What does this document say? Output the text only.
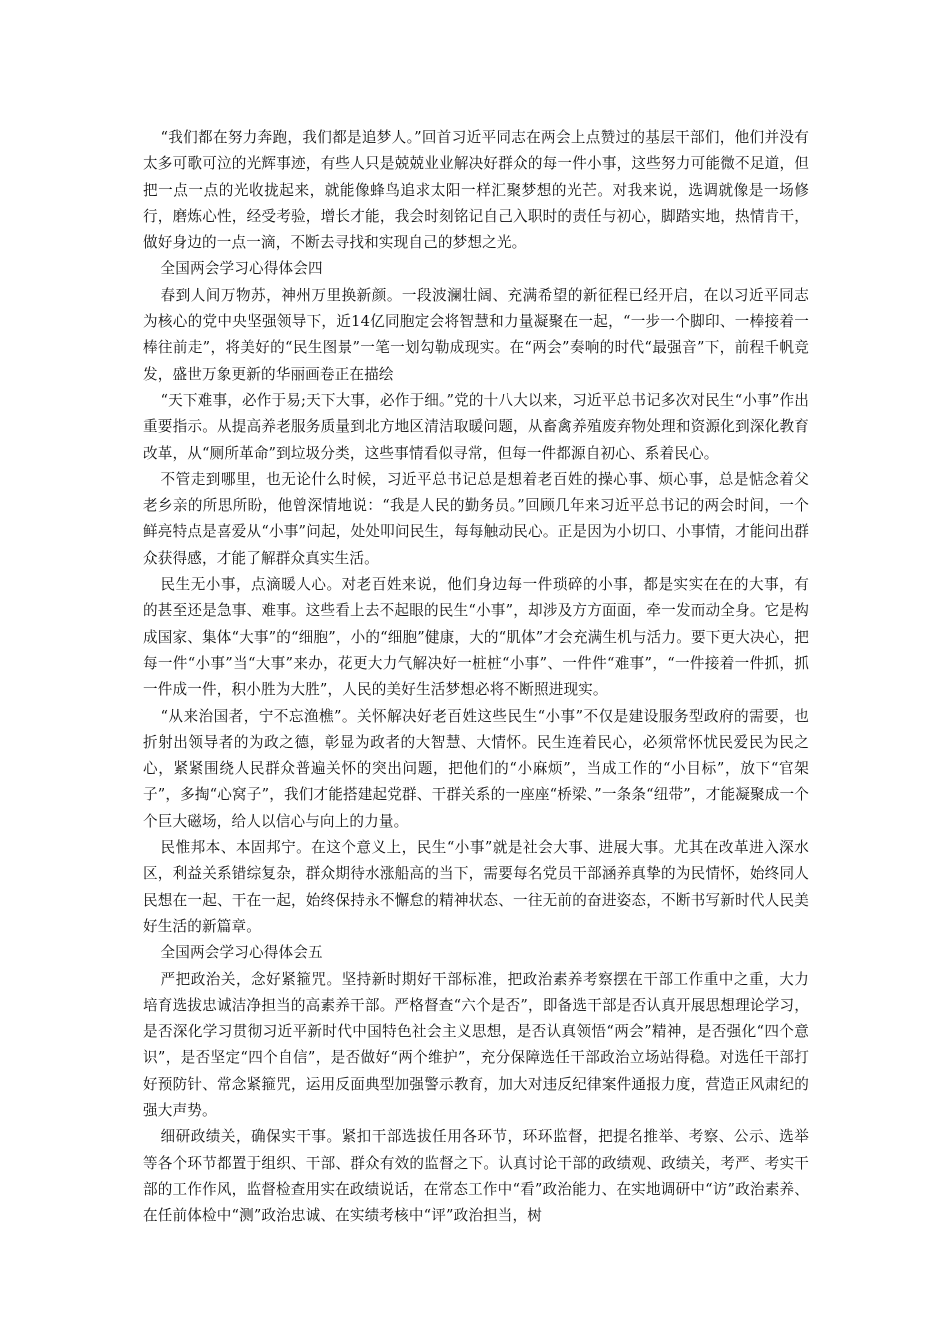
“我们都在努力奔跑，我们都是追梦人。”回首习近平同志在两会上点赞过的基层干部们，他们并没有太多可歌可泣的光辉事迹，有些人只是兢兢业业解决好群众的每一件小事，这些努力可能微不足道，但把一点一点的光收拢起来，就能像蜂鸟追求太阳一样汇聚梦想的光芒。对我来说，选调就像是一场修行，磨炼心性，经受考验，增长才能，我会时刻铭记自己入职时的责任与初心，脚踏实地，热情肯干，做好身边的一点一滴，不断去寻找和实现自己的梦想之光。

全国两会学习心得体会四

春到人间万物苏，神州万里换新颜。一段波澜壮阔、充满希望的新征程已经开启，在以习近平同志为核心的党中央坚强领导下，近14亿同胞定会将智慧和力量凝聚在一起，“一步一个脚印、一棒接着一棒往前走”，将美好的“民生图景”一笔一划勾勒成现实。在“两会”奏响的时代“最强音”下，前程千帆竞发，盛世万象更新的华丽画卷正在描绘

“天下难事，必作于易;天下大事，必作于细。”党的十八大以来，习近平总书记多次对民生“小事”作出重要指示。从提高养老服务质量到北方地区清洁取暖问题，从畜禽养殖废弃物处理和资源化到深化教育改革，从“厕所革命”到垃圾分类，这些事情看似寻常，但每一件都源自初心、系着民心。

不管走到哪里，也无论什么时候，习近平总书记总是想着老百姓的操心事、烦心事，总是惦念着父老乡亲的所思所盼，他曾深情地说：“我是人民的勤务员。”回顾几年来习近平总书记的两会时间，一个鲜亮特点是喜爱从“小事”问起，处处叩问民生，每每触动民心。正是因为小切口、小事情，才能问出群众获得感，才能了解群众真实生活。

民生无小事，点滴暖人心。对老百姓来说，他们身边每一件琐碎的小事，都是实实在在的大事，有的甚至还是急事、难事。这些看上去不起眼的民生“小事”，却涉及方方面面，牵一发而动全身。它是构成国家、集体“大事”的“细胞”，小的“细胞”健康，大的“肌体”才会充满生机与活力。要下更大决心，把每一件“小事”当“大事”来办，花更大力气解决好一桩桩“小事”、一件件“难事”，“一件接着一件抓，抓一件成一件，积小胜为大胜”，人民的美好生活梦想必将不断照进现实。

“从来治国者，宁不忘渔樵”。关怀解决好老百姓这些民生“小事”不仅是建设服务型政府的需要，也折射出领导者的为政之德，彰显为政者的大智慧、大情怀。民生连着民心，必须常怀忧民爱民为民之心，紧紧围绕人民群众普遍关怀的突出问题，把他们的“小麻烦”，当成工作的“小目标”，放下“官架子”，多掏“心窝子”，我们才能搭建起党群、干群关系的一座座“桥梁、”一条条“纽带”，才能凝聚成一个个巨大磁场，给人以信心与向上的力量。

民惟邦本、本固邦宁。在这个意义上，民生“小事”就是社会大事、进展大事。尤其在改革进入深水区，利益关系错综复杂，群众期待水涨船高的当下，需要每名党员干部涵养真挚的为民情怀，始终同人民想在一起、干在一起，始终保持永不懈怠的精神状态、一往无前的奋进姿态，不断书写新时代人民美好生活的新篇章。

全国两会学习心得体会五

严把政治关，念好紧箍咒。坚持新时期好干部标准，把政治素养考察摆在干部工作重中之重，大力培育选拔忠诚洁净担当的高素养干部。严格督查“六个是否”，即备选干部是否认真开展思想理论学习，是否深化学习贯彻习近平新时代中国特色社会主义思想，是否认真领悟“两会”精神，是否强化“四个意识”，是否坚定“四个自信”，是否做好“两个维护”，充分保障选任干部政治立场站得稳。对选任干部打好预防针、常念紧箍咒，运用反面典型加强警示教育，加大对违反纪律案件通报力度，营造正风肃纪的强大声势。

细研政绩关，确保实干事。紧扣干部选拔任用各环节，环环监督，把提名推举、考察、公示、选举等各个环节都置于组织、干部、群众有效的监督之下。认真讨论干部的政绩观、政绩关，考严、考实干部的工作作风，监督检查用实在政绩说话，在常态工作中“看”政治能力、在实地调研中“访”政治素养、在任前体检中“测”政治忠诚、在实绩考核中“评”政治担当，树
